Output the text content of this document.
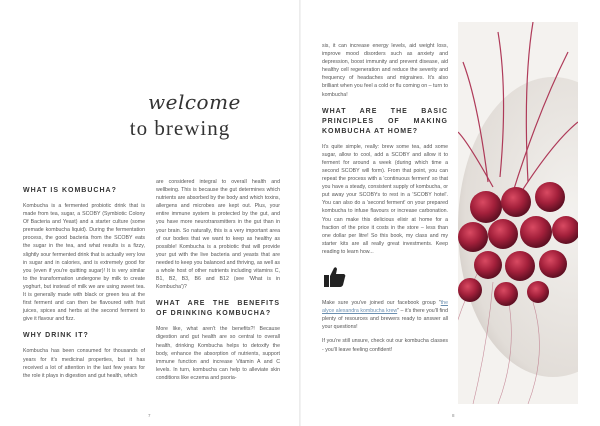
welcome
to brewing
WHAT IS KOMBUCHA?

Kombucha is a fermented probiotic drink that is made from tea, sugar, a SCOBY (Symbiotic Colony Of Bacteria and Yeast) and a starter culture (some premade kombucha liquid). During the fermentation process, the good bacteria from the SCOBY eats the sugar in the tea, and what results is a fizzy, slightly sour fermented drink that is actually very low in sugar and in calories, and is extremely good for you (even if you're quitting sugar)! It is very similar to the transformation undergone by milk to create yoghurt, but instead of milk we are using sweet tea. It is generally made with black or green tea at the first ferment and can then be flavoured with fruit juices, spices and herbs at the second ferment to give it flavour and fizz.

WHY DRINK IT?

Kombucha has been consumed for thousands of years for it's medicinal properties, but it has received a lot of attention in the last few years for the role it plays in digestion and gut health, which

are considered integral to overall health and wellbeing. This is because the gut determines which nutrients are absorbed by the body and which toxins, allergens and microbes are kept out. Plus, your entire immune system is protected by the gut, and you have more neurotransmitters in the gut than in your brain. So naturally, this is a very important area of our bodies that we want to keep as healthy as possible! Kombucha is a probiotic that will provide your gut with the live bacteria and yeasts that are needed to keep you balanced and thriving, as well as a whole host of other nutrients including vitamins C, B1, B2, B3, B6 and B12 (see 'What is in Kombucha')?

WHAT ARE THE BENEFITS OF DRINKING KOMBUCHA?

More like, what aren't the benefits?! Because digestion and gut health are so central to overall health, drinking Kombucha helps to detoxify the body, enhance the absorption of nutrients, support immune function and increase Vitamin A and C levels. In turn, kombucha can help to alleviate skin conditions like eczema and psoria-

sis, it can increase energy levels, aid weight loss, improve mood disorders such as anxiety and depression, boost immunity and prevent disease, aid healthy cell regeneration and reduce the severity and frequency of headaches and migraines. It's also brilliant when you feel a cold or flu coming on – turn to kombucha!

WHAT ARE THE BASIC PRINCIPLES OF MAKING KOMBUCHA AT HOME?

It's quite simple, really: brew some tea, add some sugar, allow to cool, add a SCOBY and allow it to ferment for around a week (during which time a second SCOBY will form). From that point, you can repeat the process with a 'continuous ferment' so that you have a steady, consistent supply of kombucha, or put away your SCOBYs to rest in a 'SCOBY hotel'. You can also do a 'second ferment' on your prepared kombucha to infuse flavours or increase carbonation. You can make this delicious elixir at home for a fraction of the price it costs in the store – less than one dollar per litre! So this book, my class and my starter kits are all really great investments. Keep reading to learn how...

Make sure you've joined our facebook group "the alyce alexandra kombucha krew" – it's there you'll find plenty of resources and brewers ready to answer all your questions!

If you're still unsure, check out our kombucha classes - you'll leave feeling confident!

7	8
